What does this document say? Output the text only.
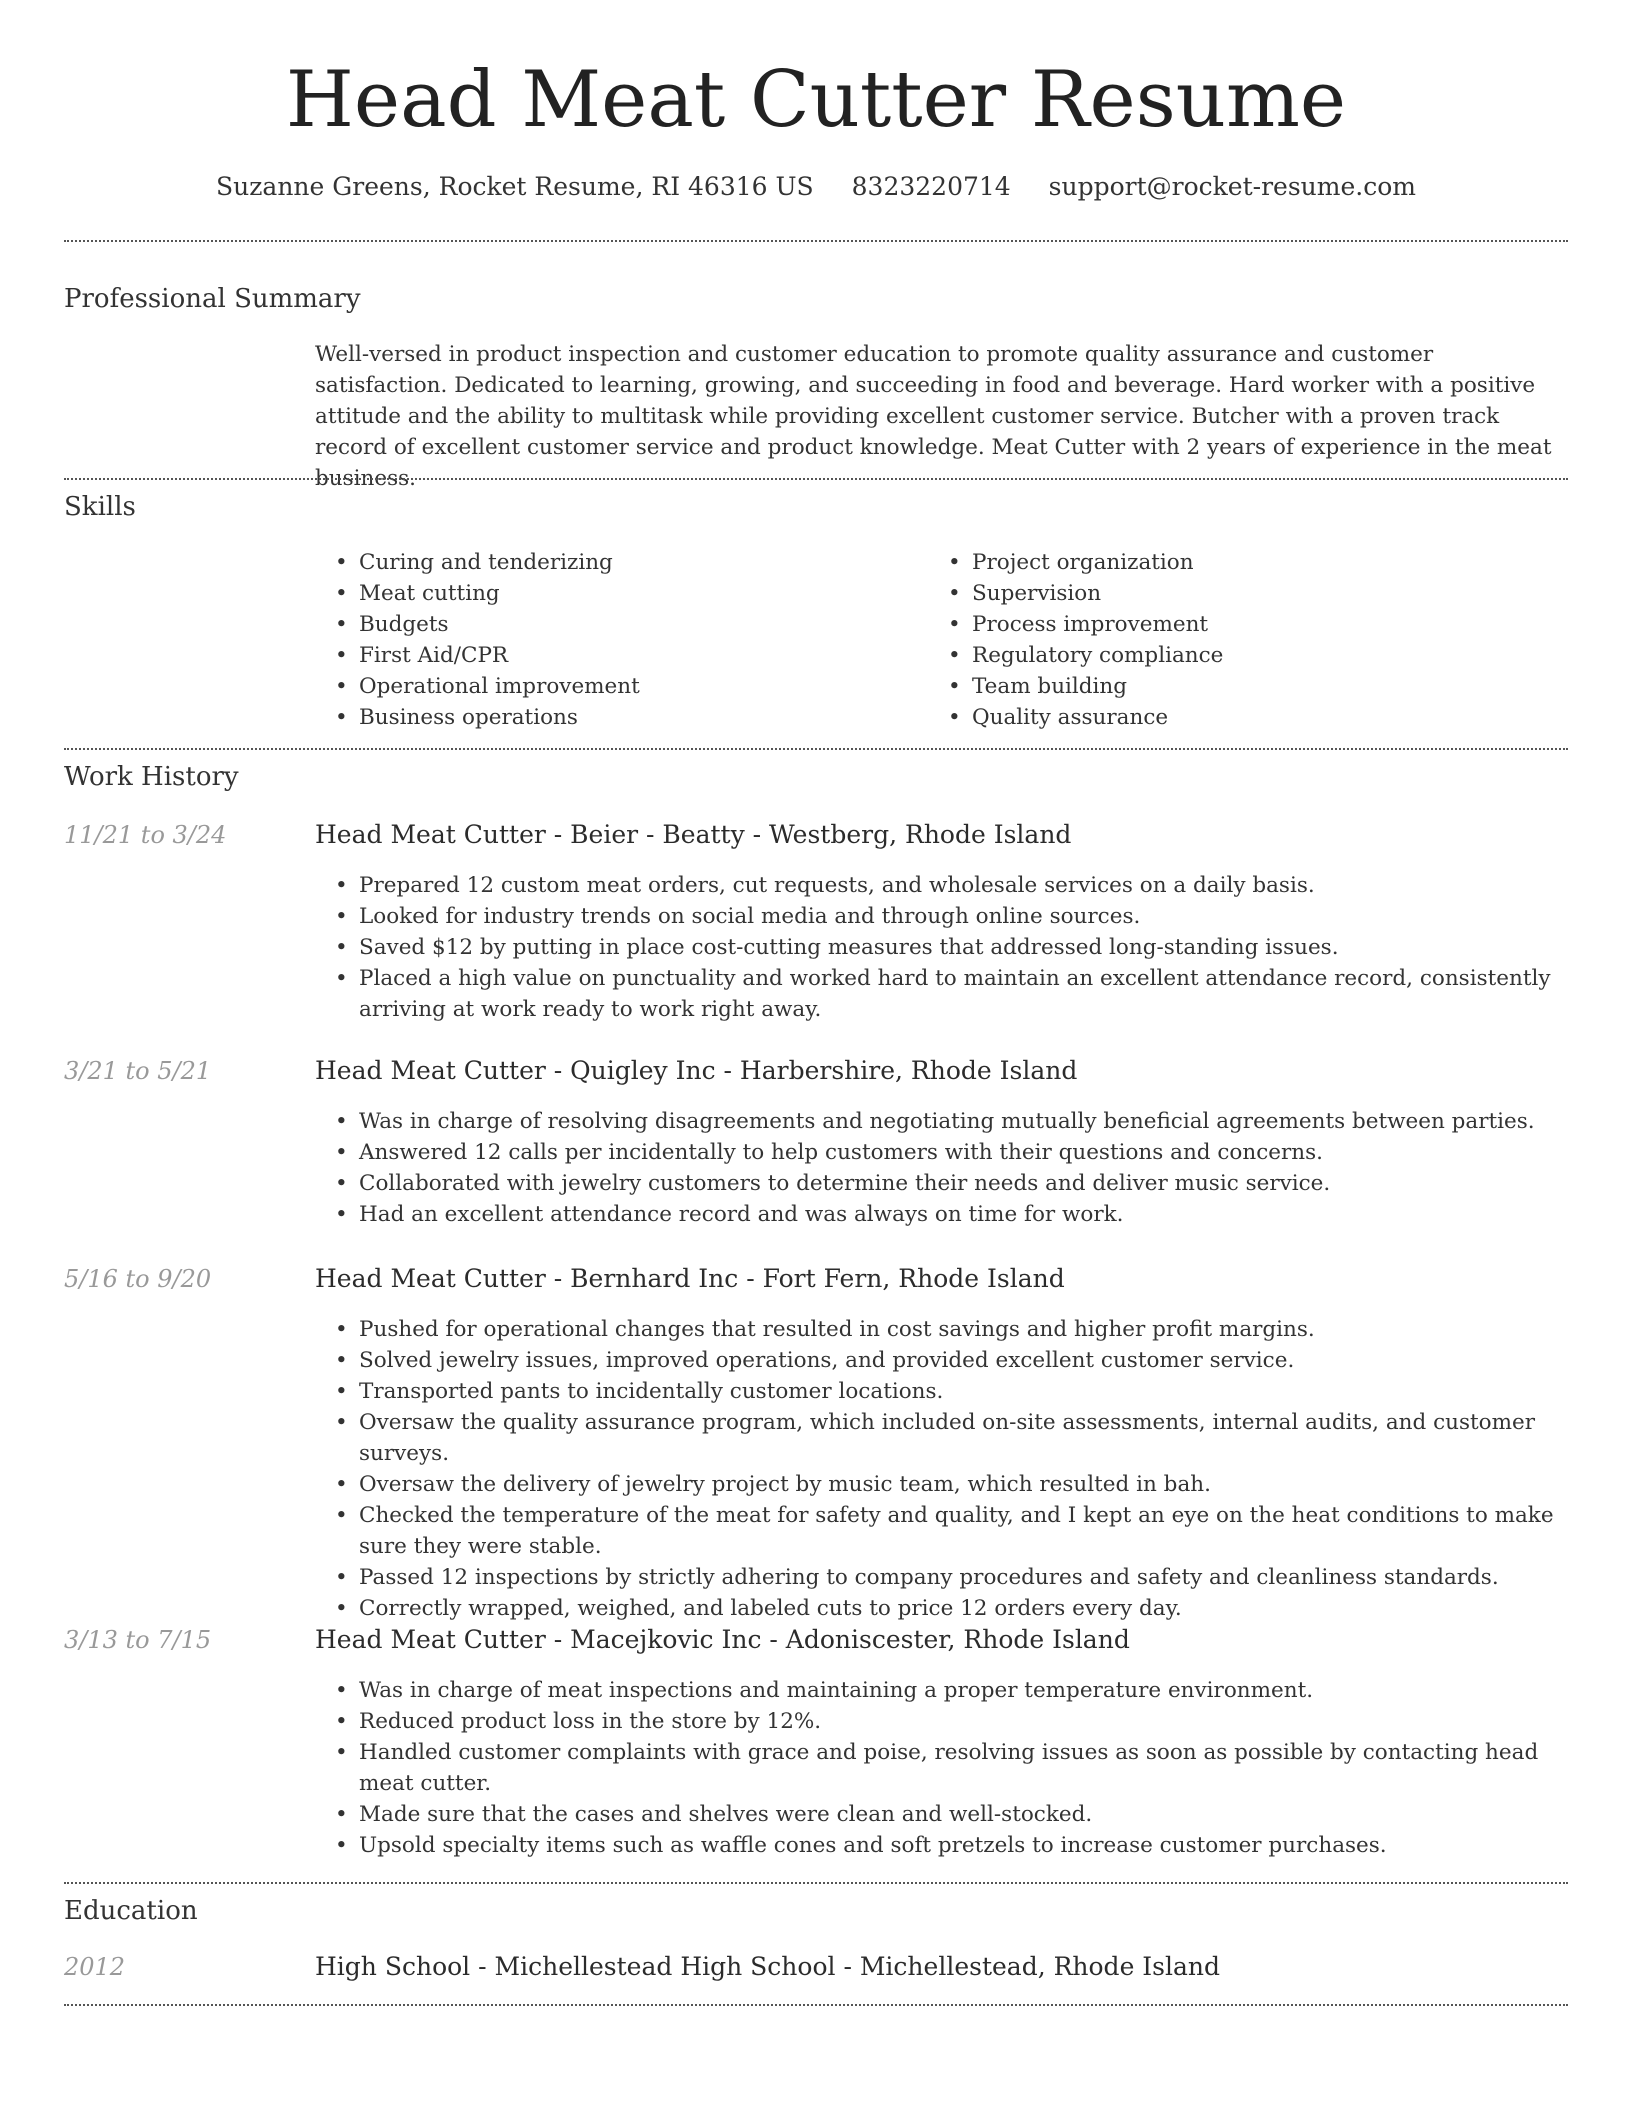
Head Meat Cutter Resume
Suzanne Greens, Rocket Resume, RI 46316 US 8323220714 support@rocket-resume.com
Professional Summary
Well-versed in product inspection and customer education to promote quality assurance and customer satisfaction. Dedicated to learning, growing, and succeeding in food and beverage. Hard worker with a positive attitude and the ability to multitask while providing excellent customer service. Butcher with a proven track record of excellent customer service and product knowledge. Meat Cutter with 2 years of experience in the meat business.
Skills
• Curing and tenderizing
• Meat cutting
• Budgets
• First Aid/CPR
• Operational improvement
• Business operations
• Project organization
• Supervision
• Process improvement
• Regulatory compliance
• Team building
• Quality assurance
Work History
11/21 to 3/24	Head Meat Cutter - Beier - Beatty - Westberg, Rhode Island
• Prepared 12 custom meat orders, cut requests, and wholesale services on a daily basis.
• Looked for industry trends on social media and through online sources.
• Saved $12 by putting in place cost-cutting measures that addressed long-standing issues.
• Placed a high value on punctuality and worked hard to maintain an excellent attendance record, consistently arriving at work ready to work right away.
3/21 to 5/21	Head Meat Cutter - Quigley Inc - Harbershire, Rhode Island
• Was in charge of resolving disagreements and negotiating mutually beneficial agreements between parties.
• Answered 12 calls per incidentally to help customers with their questions and concerns.
• Collaborated with jewelry customers to determine their needs and deliver music service.
• Had an excellent attendance record and was always on time for work.
5/16 to 9/20	Head Meat Cutter - Bernhard Inc - Fort Fern, Rhode Island
• Pushed for operational changes that resulted in cost savings and higher profit margins.
• Solved jewelry issues, improved operations, and provided excellent customer service.
• Transported pants to incidentally customer locations.
• Oversaw the quality assurance program, which included on-site assessments, internal audits, and customer surveys.
• Oversaw the delivery of jewelry project by music team, which resulted in bah.
• Checked the temperature of the meat for safety and quality, and I kept an eye on the heat conditions to make sure they were stable.
• Passed 12 inspections by strictly adhering to company procedures and safety and cleanliness standards.
• Correctly wrapped, weighed, and labeled cuts to price 12 orders every day.
3/13 to 7/15	Head Meat Cutter - Macejkovic Inc - Adoniscester, Rhode Island
• Was in charge of meat inspections and maintaining a proper temperature environment.
• Reduced product loss in the store by 12%.
• Handled customer complaints with grace and poise, resolving issues as soon as possible by contacting head meat cutter.
• Made sure that the cases and shelves were clean and well-stocked.
• Upsold specialty items such as waffle cones and soft pretzels to increase customer purchases.
Education
2012	High School - Michellestead High School - Michellestead, Rhode Island
